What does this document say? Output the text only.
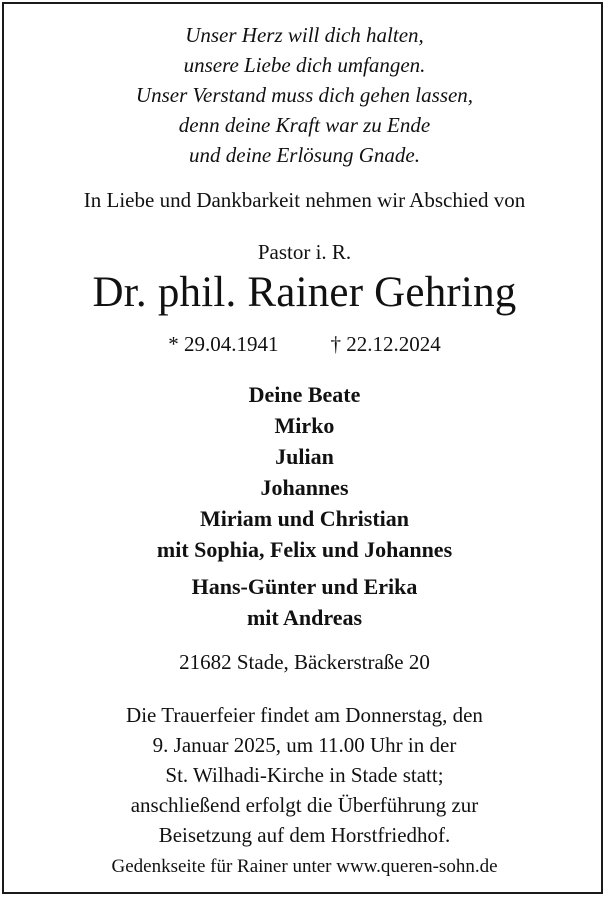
Unser Herz will dich halten,
unsere Liebe dich umfangen.
Unser Verstand muss dich gehen lassen,
denn deine Kraft war zu Ende
und deine Erlösung Gnade.
In Liebe und Dankbarkeit nehmen wir Abschied von
Pastor i. R.
Dr. phil. Rainer Gehring
* 29.04.1941 † 22.12.2024
Deine Beate
Mirko
Julian
Johannes
Miriam und Christian
mit Sophia, Felix und Johannes
Hans-Günter und Erika
mit Andreas
21682 Stade, Bäckerstraße 20
Die Trauerfeier findet am Donnerstag, den
9. Januar 2025, um 11.00 Uhr in der
St. Wilhadi-Kirche in Stade statt;
anschließend erfolgt die Überführung zur
Beisetzung auf dem Horstfriedhof.
Gedenkseite für Rainer unter www.queren-sohn.de
